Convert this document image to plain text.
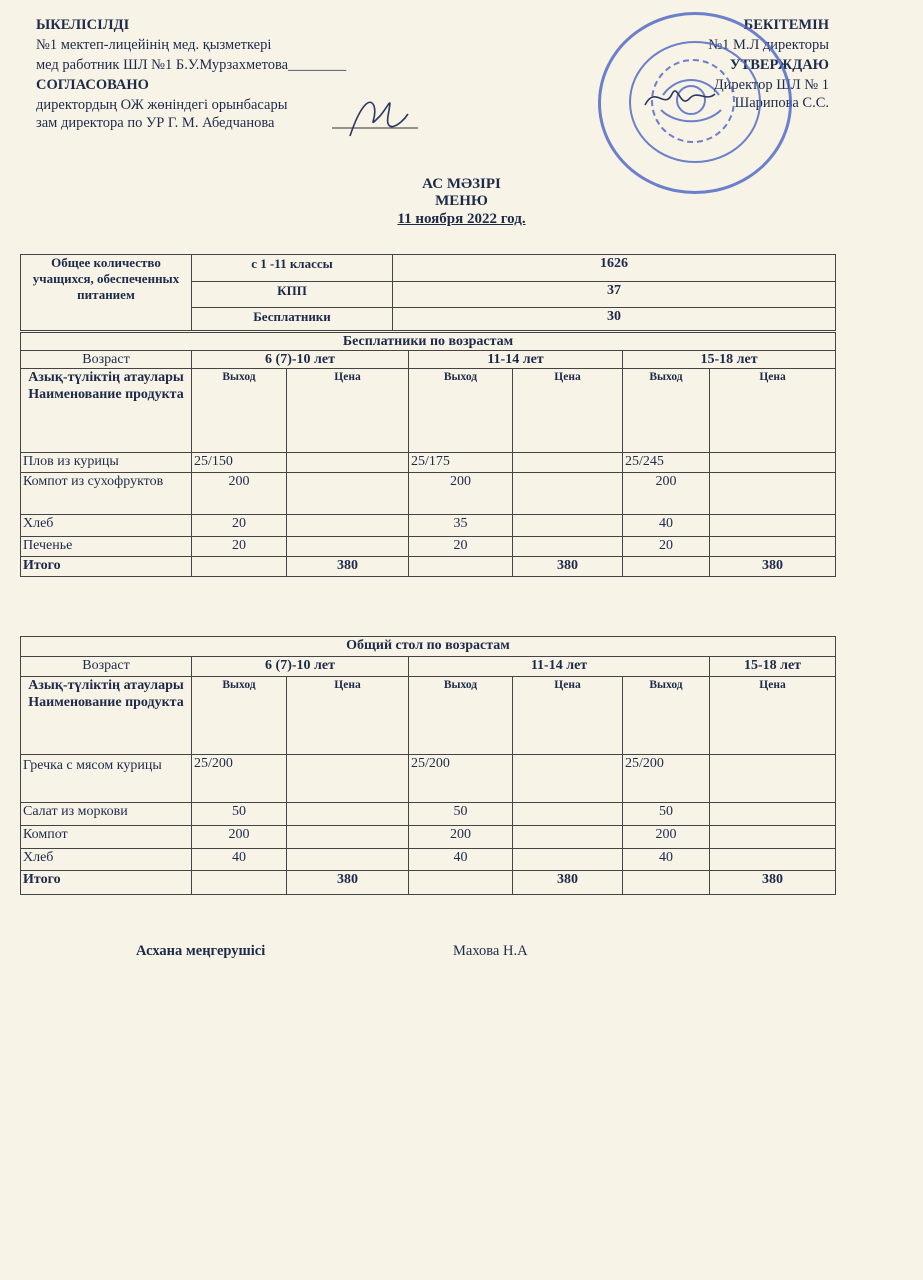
ЫКЕЛІСІЛДІ
№1 мектеп-лицейінің мед. қызметкері
мед работник ШЛ №1 Б.У.Мурзахметова________
СОГЛАСОВАНО
директордың ОЖ жөніндегі орынбасары
зам директора по УР Г. М. Абедчанова
БЕКІТЕМІН
№1 М.Л директоры
УТВЕРЖДАЮ
Директор ШЛ № 1
Шарипова С.С.
АС МӘЗІРІ
МЕНЮ
11 ноября 2022 год.
Общее количество учащихся, обеспеченных питанием	с 1 -11 классы	1626
	КПП	37
	Бесплатники	30
Бесплатники по возрастам						
Возраст	6 (7)-10 лет		11-14 лет		15-18 лет	
Азық-түліктің атаулары Наименование продукта	Выход	Цена	Выход	Цена	Выход	Цена
Плов из курицы	25/150		25/175		25/245	
Компот из сухофруктов	200		200		200	
Хлеб	20		35		40	
Печенье	20		20		20	
Итого		380		380		380
Общий стол по возрастам						
Возраст	6 (7)-10 лет		11-14 лет			15-18 лет
Азық-түліктің атаулары Наименование продукта	Выход	Цена	Выход	Цена	Выход	Цена
Гречка с мясом курицы	25/200		25/200		25/200	
Салат из моркови	50		50		50	
Компот	200		200		200	
Хлеб	40		40		40	
Итого		380		380		380
Асхана меңгерушісі	Махова Н.А
